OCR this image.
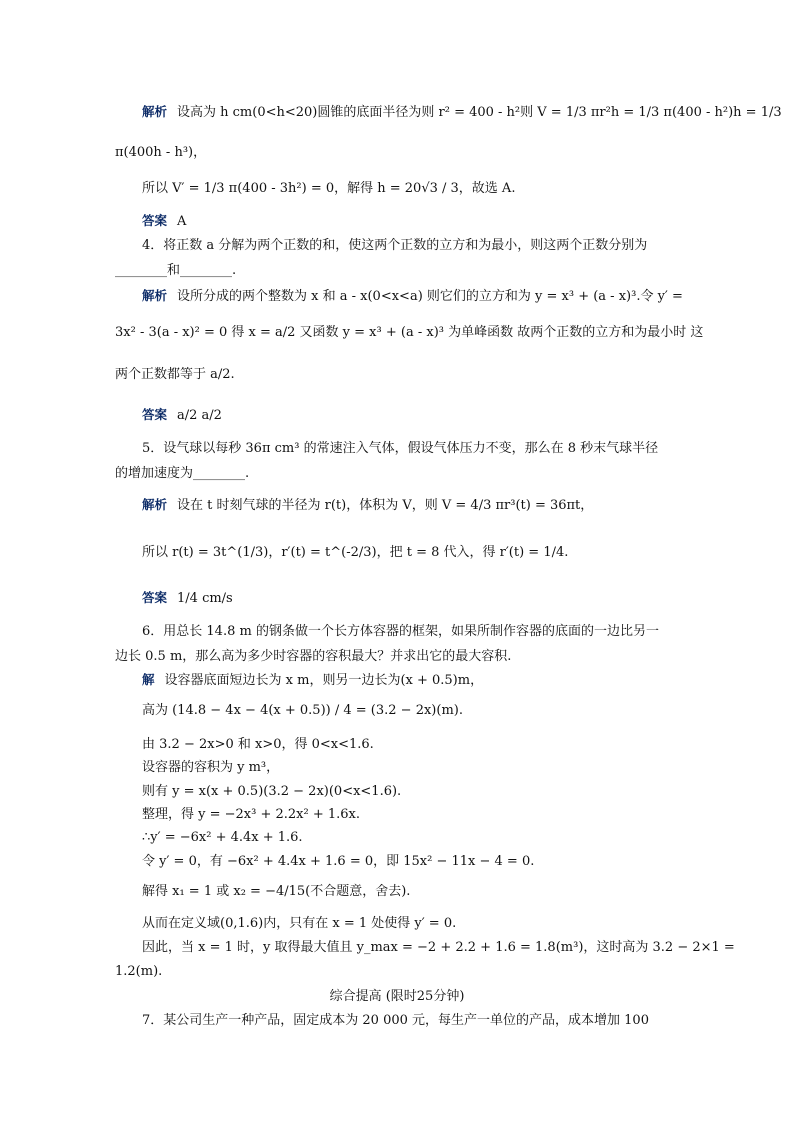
解析 设高为 h cm(0<h<20)圆锥的底面半径为则 r² = 400 - h²则 V = 1/3 πr²h = 1/3 π(400 - h²)h = 1/3
π(400h - h³)，
所以 V′ = 1/3 π(400 - 3h²) = 0，解得 h = 20√3 / 3，故选 A.
答案 A
4．将正数 a 分解为两个正数的和，使这两个正数的立方和为最小，则这两个正数分别为
________和________.
解析 设所分成的两个整数为 x 和 a - x(0<x<a) 则它们的立方和为 y = x³ + (a - x)³.令 y′ =
3x² - 3(a - x)² = 0 得 x = a/2 又函数 y = x³ + (a - x)³ 为单峰函数 故两个正数的立方和为最小时 这
两个正数都等于 a/2.
答案 a/2 a/2
5．设气球以每秒 36π cm³ 的常速注入气体，假设气体压力不变，那么在 8 秒末气球半径
的增加速度为________.
解析 设在 t 时刻气球的半径为 r(t)，体积为 V，则 V = 4/3 πr³(t) = 36πt，
所以 r(t) = 3t^(1/3)，r′(t) = t^(-2/3)，把 t = 8 代入，得 r′(t) = 1/4.
答案 1/4 cm/s
6．用总长 14.8 m 的钢条做一个长方体容器的框架，如果所制作容器的底面的一边比另一
边长 0.5 m，那么高为多少时容器的容积最大？并求出它的最大容积.
解 设容器底面短边长为 x m，则另一边长为(x + 0.5)m，
高为 (14.8 − 4x − 4(x + 0.5)) / 4 = (3.2 − 2x)(m).
由 3.2 − 2x>0 和 x>0，得 0<x<1.6.
设容器的容积为 y m³，
则有 y = x(x + 0.5)(3.2 − 2x)(0<x<1.6).
整理，得 y = −2x³ + 2.2x² + 1.6x.
∴y′ = −6x² + 4.4x + 1.6.
令 y′ = 0，有 −6x² + 4.4x + 1.6 = 0，即 15x² − 11x − 4 = 0.
解得 x₁ = 1 或 x₂ = −4/15(不合题意，舍去).
从而在定义域(0,1.6)内，只有在 x = 1 处使得 y′ = 0.
因此，当 x = 1 时，y 取得最大值且 y_max = −2 + 2.2 + 1.6 = 1.8(m³)，这时高为 3.2 − 2×1 =
1.2(m).
综合提高 (限时25分钟)
7．某公司生产一种产品，固定成本为 20 000 元，每生产一单位的产品，成本增加 100
